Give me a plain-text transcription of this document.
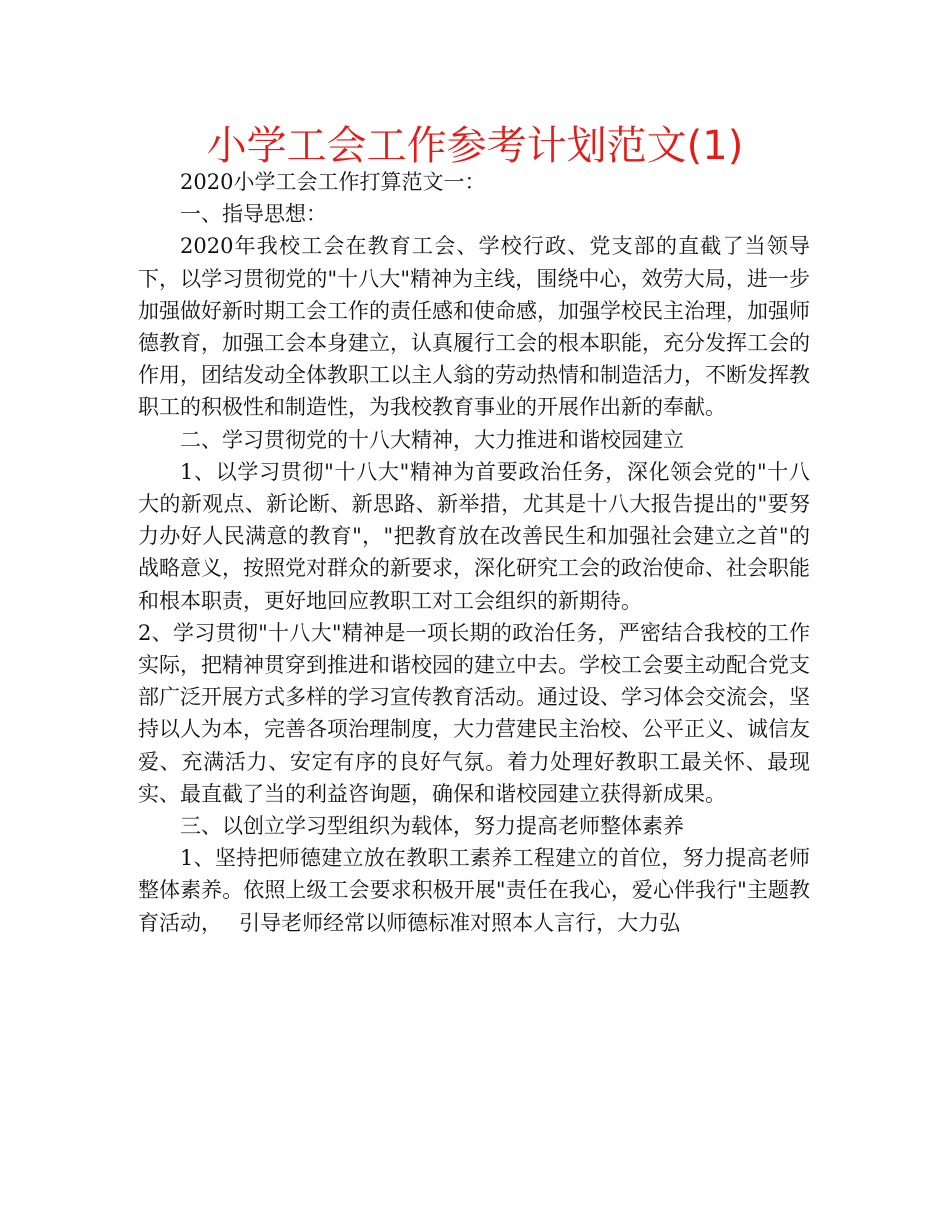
小学工会工作参考计划范文(1)

2020小学工会工作打算范文一：

一、指导思想：

2020年我校工会在教育工会、学校行政、党支部的直截了当领导下，以学习贯彻党的"十八大"精神为主线，围绕中心，效劳大局，进一步加强做好新时期工会工作的责任感和使命感，加强学校民主治理，加强师德教育，加强工会本身建立，认真履行工会的根本职能，充分发挥工会的作用，团结发动全体教职工以主人翁的劳动热情和制造活力，不断发挥教职工的积极性和制造性，为我校教育事业的开展作出新的奉献。

二、学习贯彻党的十八大精神，大力推进和谐校园建立

1、以学习贯彻"十八大"精神为首要政治任务，深化领会党的"十八大的新观点、新论断、新思路、新举措，尤其是十八大报告提出的"要努力办好人民满意的教育"，"把教育放在改善民生和加强社会建立之首"的战略意义，按照党对群众的新要求，深化研究工会的政治使命、社会职能和根本职责，更好地回应教职工对工会组织的新期待。

2、学习贯彻"十八大"精神是一项长期的政治任务，严密结合我校的工作实际，把精神贯穿到推进和谐校园的建立中去。学校工会要主动配合党支部广泛开展方式多样的学习宣传教育活动。通过设、学习体会交流会，坚持以人为本，完善各项治理制度，大力营建民主治校、公平正义、诚信友爱、充满活力、安定有序的良好气氛。着力处理好教职工最关怀、最现实、最直截了当的利益咨询题，确保和谐校园建立获得新成果。

三、以创立学习型组织为载体，努力提高老师整体素养

1、坚持把师德建立放在教职工素养工程建立的首位，努力提高老师整体素养。依照上级工会要求积极开展"责任在我心，爱心伴我行"主题教育活动，　 引导老师经常以师德标准对照本人言行，大力弘
